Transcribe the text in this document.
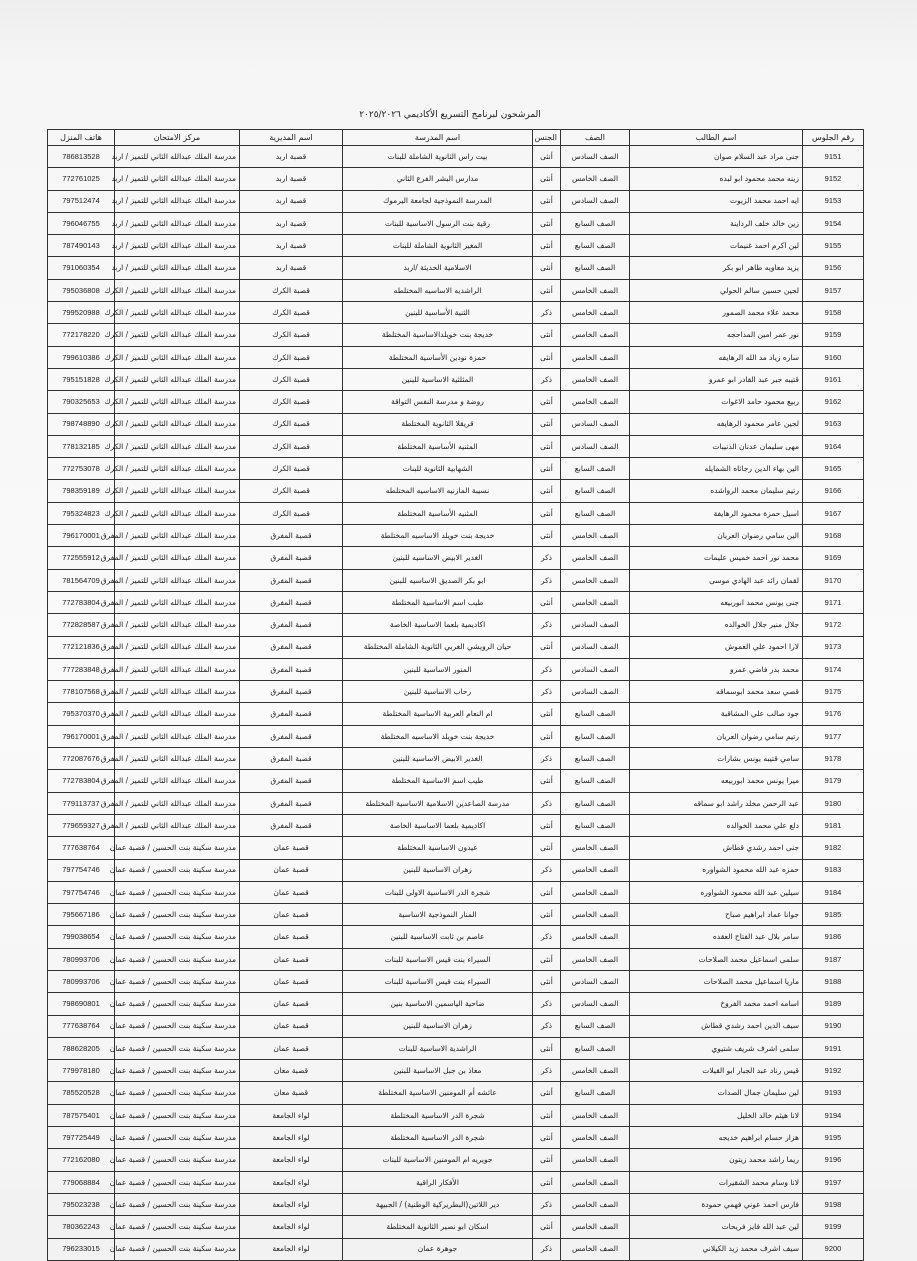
المرشحون لبرنامج التسريع الأكاديمي ٢٠٢٥/٢٠٢٦
رقم الجلوس	اسم الطالب	الصف	الجنس	اسم المدرسة	اسم المديرية	مركز الامتحان	هاتف المنزل
9151	جنى مراد عبد السلام صوان	الصف السادس	أنثى	بيت راس الثانوية الشاملة للبنات	قصبة اربد	مدرسة الملك عبدالله الثاني للتميز / اربد	786813528
9152	زينه محمد محمود ابو لبده	الصف الخامس	أنثى	مدارس البشر الفرع الثاني	قصبة اربد	مدرسة الملك عبدالله الثاني للتميز / اربد	772761025
9153	ايه احمد محمد الزيوت	الصف السادس	أنثى	المدرسة النموذجية لجامعة اليرموك	قصبة اربد	مدرسة الملك عبدالله الثاني للتميز / اربد	797512474
9154	زين خالد خلف الرداينة	الصف السابع	أنثى	رقية بنت الرسول الاساسية للبنات	قصبة اربد	مدرسة الملك عبدالله الثاني للتميز / اربد	796046755
9155	لين اكرم احمد غنيمات	الصف السابع	أنثى	المغير الثانوية الشاملة للبنات	قصبة اربد	مدرسة الملك عبدالله الثاني للتميز / اربد	787490143
9156	يزيد معاويه طاهر ابو بكر	الصف السابع	أنثى	الاسلامية الحديثة /اربد	قصبة اربد	مدرسة الملك عبدالله الثاني للتميز / اربد	791060354
9157	لجين حسين سالم الحولي	الصف الخامس	أنثى	الراشديه الاساسيه المختلطه	قصبة الكرك	مدرسة الملك عبدالله الثاني للتميز / الكرك	795036808
9158	محمد علاء محمد الصمور	الصف الخامس	ذكر	الثنية الأساسية للبنين	قصبة الكرك	مدرسة الملك عبدالله الثاني للتميز / الكرك	799520988
9159	نور عمر امين المداحجه	الصف الخامس	أنثى	خديجة بنت خويلدالاساسية المختلطة	قصبة الكرك	مدرسة الملك عبدالله الثاني للتميز / الكرك	772178220
9160	ساره زياد مد الله الرهايفه	الصف الخامس	أنثى	حمزة نودين الأساسية المختلطة	قصبة الكرك	مدرسة الملك عبدالله الثاني للتميز / الكرك	799610386
9161	قتيبه جبر عبد القادر ابو عمرو	الصف الخامس	ذكر	المثلثية الاساسية للبنين	قصبة الكرك	مدرسة الملك عبدالله الثاني للتميز / الكرك	795151828
9162	ربيع محمود حامد الاغوات	الصف الخامس	أنثى	روضة و مدرسة النفس التواقة	قصبة الكرك	مدرسة الملك عبدالله الثاني للتميز / الكرك	790325653
9163	لجين عامر محمود الرهايفه	الصف السادس	أنثى	قريقلا الثانوية المختلطة	قصبة الكرك	مدرسة الملك عبدالله الثاني للتميز / الكرك	798748890
9164	مهى سليمان عدنان الذنيبات	الصف السادس	أنثى	المثنيه الأساسية المختلطة	قصبة الكرك	مدرسة الملك عبدالله الثاني للتميز / الكرك	778132185
9165	الين بهاء الدين رجائاه الشمايله	الصف السابع	أنثى	الشهابية الثانوية للبنات	قصبة الكرك	مدرسة الملك عبدالله الثاني للتميز / الكرك	772753078
9166	رتيم سليمان محمد الرواشده	الصف السابع	أنثى	نسيبة المازنيه الاساسيه المختلطه	قصبة الكرك	مدرسة الملك عبدالله الثاني للتميز / الكرك	798359189
9167	اسيل حمزة محمود الرهايفة	الصف السابع	أنثى	المثنيه الأساسية المختلطة	قصبة الكرك	مدرسة الملك عبدالله الثاني للتميز / الكرك	795324823
9168	الين سامي رضوان العريان	الصف الخامس	أنثى	خديجة بنت خويلد الاساسيه المختلطة	قصبة المفرق	مدرسة الملك عبدالله الثاني للتميز / المفرق	796170001
9169	محمد نور احمد خميس عليمات	الصف الخامس	ذكر	الغدير الابيض الاساسيه للبنين	قصبة المفرق	مدرسة الملك عبدالله الثاني للتميز / المفرق	772555912
9170	لقمان رائد عبد الهادي موسى	الصف الخامس	ذكر	ابو بكر الصديق الاساسيه للبنين	قصبة المفرق	مدرسة الملك عبدالله الثاني للتميز / المفرق	781564709
9171	جنى يونس محمد ابوربيعه	الصف الخامس	أنثى	طيب اسم الاساسية المختلطة	قصبة المفرق	مدرسة الملك عبدالله الثاني للتميز / المفرق	772783804
9172	جلال منير جلال الخوالده	الصف السادس	ذكر	اكاديمية بلعما الاساسية الخاصة	قصبة المفرق	مدرسة الملك عبدالله الثاني للتميز / المفرق	772828587
9173	لارا احمود علي العموش	الصف السادس	أنثى	حيان الرويشي الغربي الثانوية الشاملة المختلطة	قصبة المفرق	مدرسة الملك عبدالله الثاني للتميز / المفرق	772121836
9174	محمد بدر فاضي عمرو	الصف السادس	ذكر	المنور الاساسية للبنين	قصبة المفرق	مدرسة الملك عبدالله الثاني للتميز / المفرق	777283848
9175	قصي سعد محمد ابوسماقه	الصف السادس	ذكر	رحاب الاساسية للبنين	قصبة المفرق	مدرسة الملك عبدالله الثاني للتميز / المفرق	778107568
9176	جود صالب علي المشاقبة	الصف السابع	أنثى	ام النعام العربية الاساسية المختلطة	قصبة المفرق	مدرسة الملك عبدالله الثاني للتميز / المفرق	795370370
9177	رتيم سامي رضوان العريان	الصف السابع	أنثى	خديجة بنت خويلد الاساسيه المختلطة	قصبة المفرق	مدرسة الملك عبدالله الثاني للتميز / المفرق	796170001
9178	سامي قتيبه يونس بشارات	الصف السابع	ذكر	الغدير الابيض الاساسيه للبنين	قصبة المفرق	مدرسة الملك عبدالله الثاني للتميز / المفرق	772087676
9179	ميرا يونس محمد ابوربيعه	الصف السابع	أنثى	طيب اسم الاساسية المختلطة	قصبة المفرق	مدرسة الملك عبدالله الثاني للتميز / المفرق	772783804
9180	عبد الرحمن مخلد راشد ابو سماقه	الصف السابع	ذكر	مدرسة الصاعدين الاسلامية الاساسية المختلطة	قصبة المفرق	مدرسة الملك عبدالله الثاني للتميز / المفرق	779113737
9181	دلع علي محمد الخوالده	الصف السابع	أنثى	اكاديمية بلعما الاساسية الخاصة	قصبة المفرق	مدرسة الملك عبدالله الثاني للتميز / المفرق	779659327
9182	جنى احمد رشدي قطاش	الصف الخامس	أنثى	عيدون الاساسية المختلطة	قصبة عمان	مدرسة سكينة بنت الحسين / قصبة عمان	777638764
9183	حمزه عبد الله محمود الشواوره	الصف الخامس	ذكر	زهران الاساسية للبنين	قصبة عمان	مدرسة سكينة بنت الحسين / قصبة عمان	797754746
9184	سيلين عبد الله محمود الشواوره	الصف الخامس	أنثى	شجرة الدر الاساسية الاولى للبنات	قصبة عمان	مدرسة سكينة بنت الحسين / قصبة عمان	797754746
9185	جوانا عماد ابراهيم صباح	الصف الخامس	أنثى	المنار النموذجية الاساسية	قصبة عمان	مدرسة سكينة بنت الحسين / قصبة عمان	795667186
9186	سامر بلال عبد الفتاح العقده	الصف الخامس	ذكر	عاصم بن ثابت الاساسية للبنين	قصبة عمان	مدرسة سكينة بنت الحسين / قصبة عمان	799038654
9187	سلمى اسماعيل محمد الصلاحات	الصف الخامس	أنثى	السيراء بنت قيس الاساسية للبنات	قصبة عمان	مدرسة سكينة بنت الحسين / قصبة عمان	780993706
9188	ماريا اسماعيل محمد الصلاحات	الصف السادس	أنثى	السيراء بنت قيس الاساسية للبنات	قصبة عمان	مدرسة سكينة بنت الحسين / قصبة عمان	780993706
9189	اسامه احمد محمد الفروخ	الصف السادس	ذكر	ضاحية الياسمين الاساسية بنين	قصبة عمان	مدرسة سكينة بنت الحسين / قصبة عمان	798690801
9190	سيف الدين احمد رشدي قطاش	الصف السابع	ذكر	زهران الاساسية للبنين	قصبة عمان	مدرسة سكينة بنت الحسين / قصبة عمان	777638764
9191	سلمى اشرف شريف شتيوي	الصف السابع	أنثى	الراشدية الاساسية للبنات	قصبة عمان	مدرسة سكينة بنت الحسين / قصبة عمان	788628205
9192	قيس رناد عبد الجبار ابو القيلات	الصف الخامس	ذكر	معاذ بن جبل الاساسية للبنين	قصبة معان	مدرسة سكينة بنت الحسين / قصبة عمان	779978180
9193	لين سليمان جمال الصدات	الصف السابع	أنثى	عائشه أم المومنين الاساسية المختلطة	قصبة معان	مدرسة سكينة بنت الحسين / قصبة عمان	785520528
9194	لانا هيثم خالد الخليل	الصف الخامس	أنثى	شجرة الدر الاساسية المختلطة	لواء الجامعة	مدرسة سكينة بنت الحسين / قصبة عمان	787575401
9195	هزار حسام ابراهيم خديجه	الصف الخامس	أنثى	شجرة الدر الاساسية المختلطة	لواء الجامعة	مدرسة سكينة بنت الحسين / قصبة عمان	797725449
9196	ريما راشد محمد زيتون	الصف الخامس	أنثى	جويريه ام المومنين الاساسية للبنات	لواء الجامعة	مدرسة سكينة بنت الحسين / قصبة عمان	772162080
9197	لانا وسام محمد الشقيرات	الصف الخامس	أنثى	الأفكار الراقية	لواء الجامعة	مدرسة سكينة بنت الحسين / قصبة عمان	779068884
9198	فارس احمد عوني فهمي حمودة	الصف الخامس	ذكر	دير اللاتين(البطريركية الوطنية) / الجبيهة	لواء الجامعة	مدرسة سكينة بنت الحسين / قصبة عمان	795023238
9199	لين عبد الله فايز فريحات	الصف الخامس	أنثى	اسكان ابو نصير الثانوية المختلطة	لواء الجامعة	مدرسة سكينة بنت الحسين / قصبة عمان	780362243
9200	سيف اشرف محمد زيد الكيلاني	الصف الخامس	ذكر	جوهرة عمان	لواء الجامعة	مدرسة سكينة بنت الحسين / قصبة عمان	796233015
